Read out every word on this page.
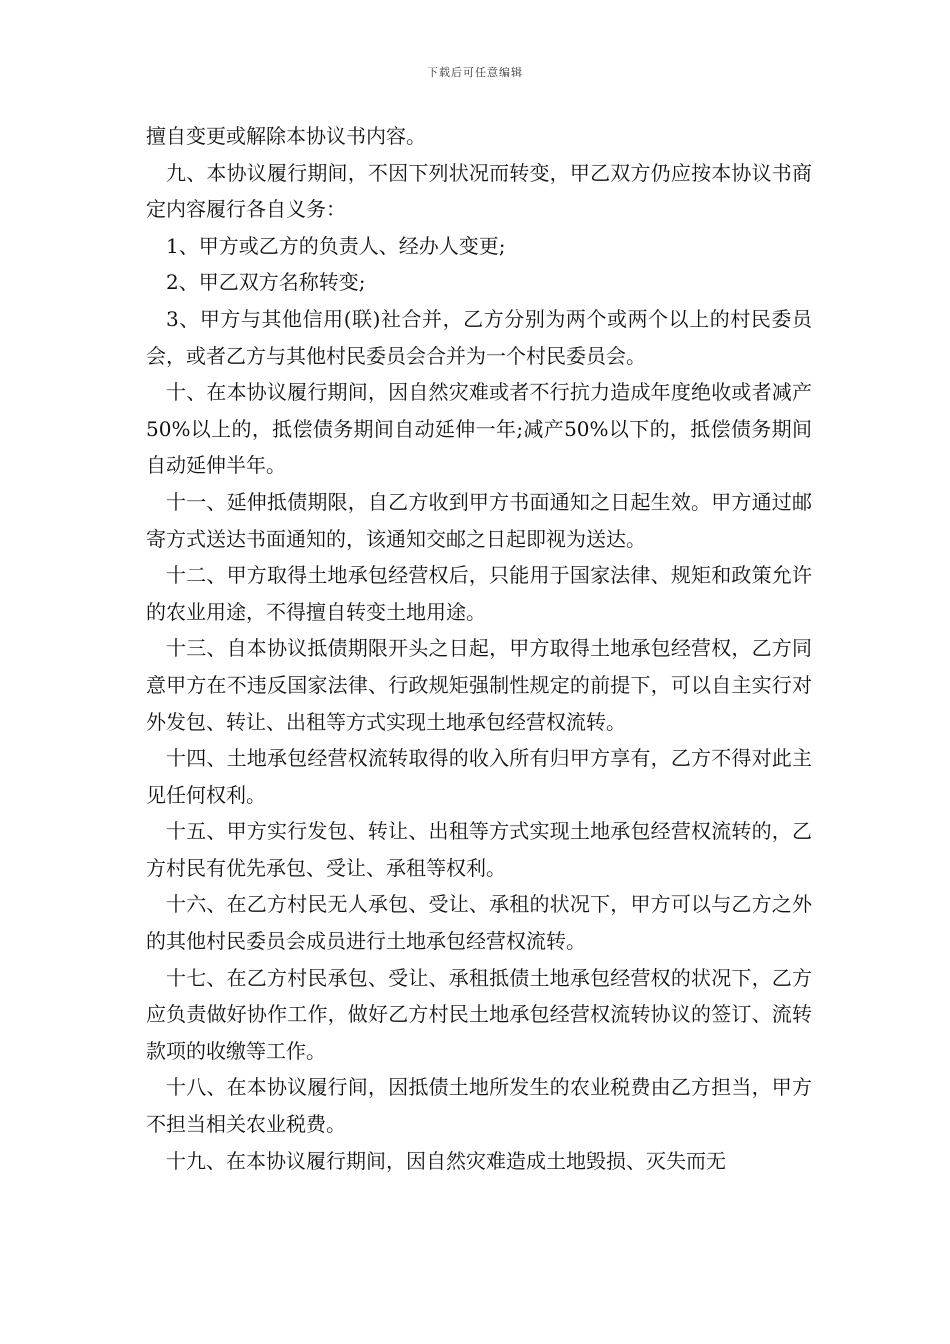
下载后可任意编辑

擅自变更或解除本协议书内容。

九、本协议履行期间，不因下列状况而转变，甲乙双方仍应按本协议书商定内容履行各自义务：

1、甲方或乙方的负责人、经办人变更;

2、甲乙双方名称转变;

3、甲方与其他信用(联)社合并，乙方分别为两个或两个以上的村民委员会，或者乙方与其他村民委员会合并为一个村民委员会。

十、在本协议履行期间，因自然灾难或者不行抗力造成年度绝收或者减产50%以上的，抵偿债务期间自动延伸一年;减产50%以下的，抵偿债务期间自动延伸半年。

十一、延伸抵债期限，自乙方收到甲方书面通知之日起生效。甲方通过邮寄方式送达书面通知的，该通知交邮之日起即视为送达。

十二、甲方取得土地承包经营权后，只能用于国家法律、规矩和政策允许的农业用途，不得擅自转变土地用途。

十三、自本协议抵债期限开头之日起，甲方取得土地承包经营权，乙方同意甲方在不违反国家法律、行政规矩强制性规定的前提下，可以自主实行对外发包、转让、出租等方式实现土地承包经营权流转。

十四、土地承包经营权流转取得的收入所有归甲方享有，乙方不得对此主见任何权利。

十五、甲方实行发包、转让、出租等方式实现土地承包经营权流转的，乙方村民有优先承包、受让、承租等权利。

十六、在乙方村民无人承包、受让、承租的状况下，甲方可以与乙方之外的其他村民委员会成员进行土地承包经营权流转。

十七、在乙方村民承包、受让、承租抵债土地承包经营权的状况下，乙方应负责做好协作工作，做好乙方村民土地承包经营权流转协议的签订、流转款项的收缴等工作。

十八、在本协议履行间，因抵债土地所发生的农业税费由乙方担当，甲方不担当相关农业税费。

十九、在本协议履行期间，因自然灾难造成土地毁损、灭失而无
